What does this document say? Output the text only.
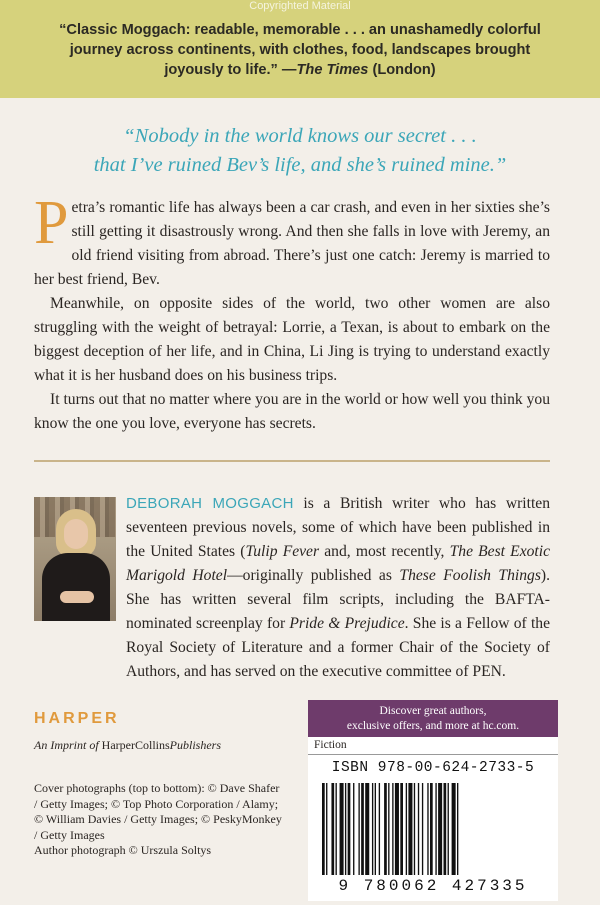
Copyrighted Material
“Classic Moggach: readable, memorable . . . an unashamedly colorful journey across continents, with clothes, food, landscapes brought joyously to life.” —The Times (London)
“Nobody in the world knows our secret . . .
that I’ve ruined Bev’s life, and she’s ruined mine.”

Petra’s romantic life has always been a car crash, and even in her sixties she’s still getting it disastrously wrong. And then she falls in love with Jeremy, an old friend visiting from abroad. There’s just one catch: Jeremy is married to her best friend, Bev.

Meanwhile, on opposite sides of the world, two other women are also struggling with the weight of betrayal: Lorrie, a Texan, is about to embark on the biggest deception of her life, and in China, Li Jing is trying to understand exactly what it is her husband does on his business trips.

It turns out that no matter where you are in the world or how well you think you know the one you love, everyone has secrets.

DEBORAH MOGGACH is a British writer who has written seventeen previous novels, some of which have been published in the United States (Tulip Fever and, most recently, The Best Exotic Marigold Hotel—originally published as These Foolish Things). She has written several film scripts, including the BAFTA-nominated screenplay for Pride & Prejudice. She is a Fellow of the Royal Society of Literature and a former Chair of the Society of Authors, and has served on the executive committee of PEN.
HARPER
An Imprint of HarperCollinsPublishers
Cover photographs (top to bottom): © Dave Shafer / Getty Images; © Top Photo Corporation / Alamy; © William Davies / Getty Images; © PeskyMonkey / Getty Images
Author photograph © Urszula Soltys
Discover great authors,
exclusive offers, and more at hc.com.
Fiction
ISBN 978-00-624-2733-5
9 780062 427335
